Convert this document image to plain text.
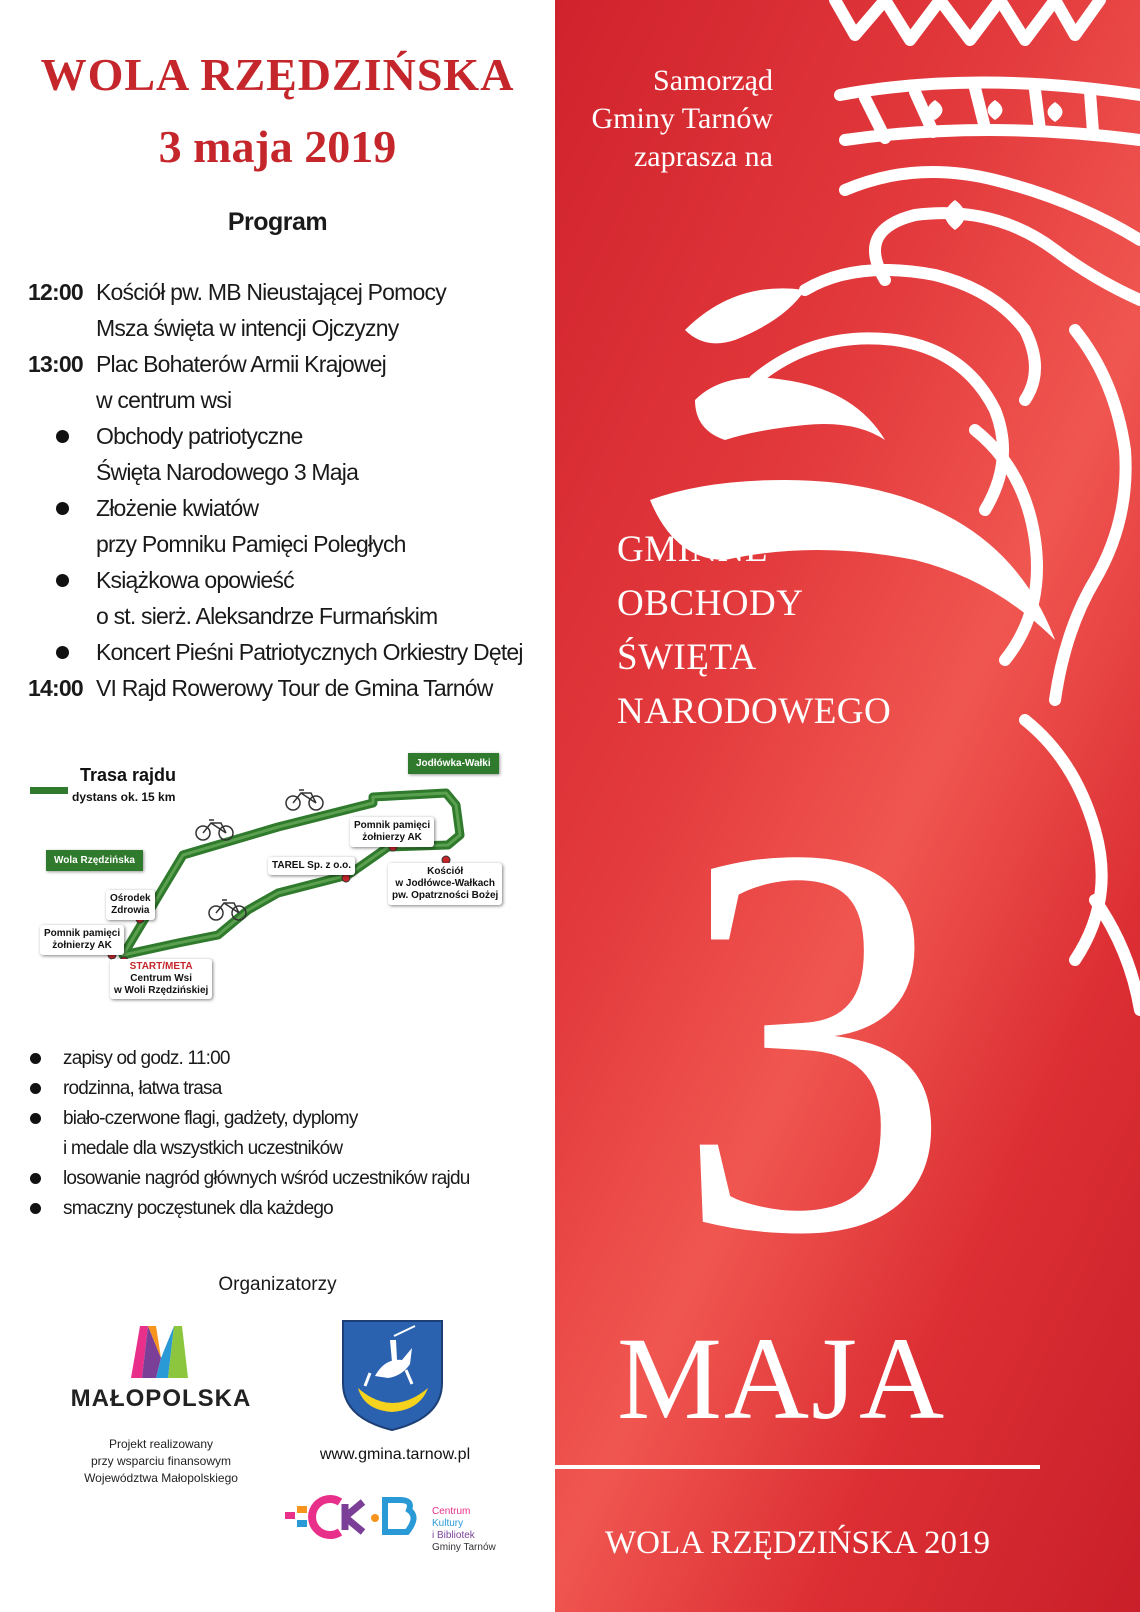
WOLA RZĘDZIŃSKA
3 maja 2019
Program
12:00 Kościół pw. MB Nieustającej Pomocy
Msza święta w intencji Ojczyzny
13:00 Plac Bohaterów Armii Krajowej
w centrum wsi
Obchody patriotyczne
Święta Narodowego 3 Maja
Złożenie kwiatów
przy Pomniku Pamięci Poległych
Książkowa opowieść
o st. sierż. Aleksandrze Furmańskim
Koncert Pieśni Patriotycznych Orkiestry Dętej
14:00 VI Rajd Rowerowy Tour de Gmina Tarnów
Trasa rajdu
dystans ok. 15 km
Wola Rzędzińska
Jodłówka-Wałki
Ośrodek
Zdrowia
Pomnik pamięci
żołnierzy AK
START/META
Centrum Wsi
w Woli Rzędzińskiej
TAREL Sp. z o.o.
Pomnik pamięci
żołnierzy AK
Kościół
w Jodłówce-Wałkach
pw. Opatrzności Bożej
zapisy od godz. 11:00
rodzinna, łatwa trasa
biało-czerwone flagi, gadżety, dyplomy
i medale dla wszystkich uczestników
losowanie nagród głównych wśród uczestników rajdu
smaczny poczęstunek dla każdego
Organizatorzy
MAŁOPOLSKA
Projekt realizowany
przy wsparciu finansowym
Województwa Małopolskiego
www.gmina.tarnow.pl
Centrum
Kultury
i Bibliotek
Gminy Tarnów
Samorząd
Gminy Tarnów
zaprasza na
GMINNE
OBCHODY
ŚWIĘTA
NARODOWEGO
3
MAJA
WOLA RZĘDZIŃSKA 2019
